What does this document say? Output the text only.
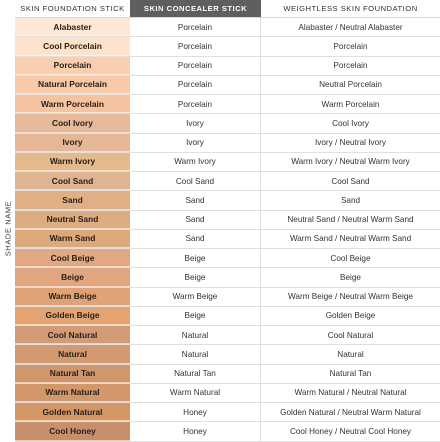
SHADE NAME
SKIN FOUNDATION STICK	SKIN CONCEALER STICK	WEIGHTLESS SKIN FOUNDATION
Alabaster	Porcelain	Alabaster / Neutral Alabaster
Cool Porcelain	Porcelain	Porcelain
Porcelain	Porcelain	Porcelain
Natural Porcelain	Porcelain	Neutral Porcelain
Warm Porcelain	Porcelain	Warm Porcelain
Cool Ivory	Ivory	Cool Ivory
Ivory	Ivory	Ivory / Neutral Ivory
Warm Ivory	Warm Ivory	Warm Ivory / Neutral Warm Ivory
Cool Sand	Cool Sand	Cool Sand
Sand	Sand	Sand
Neutral Sand	Sand	Neutral Sand / Neutral Warm Sand
Warm Sand	Sand	Warm Sand / Neutral Warm Sand
Cool Beige	Beige	Cool Beige
Beige	Beige	Beige
Warm Beige	Warm Beige	Warm Beige / Neutral Warm Beige
Golden Beige	Beige	Golden Beige
Cool Natural	Natural	Cool Natural
Natural	Natural	Natural
Natural Tan	Natural Tan	Natural Tan
Warm Natural	Warm Natural	Warm Natural / Neutral Natural
Golden Natural	Honey	Golden Natural / Neutral Warm Natural
Cool Honey	Honey	Cool Honey / Neutral Cool Honey
